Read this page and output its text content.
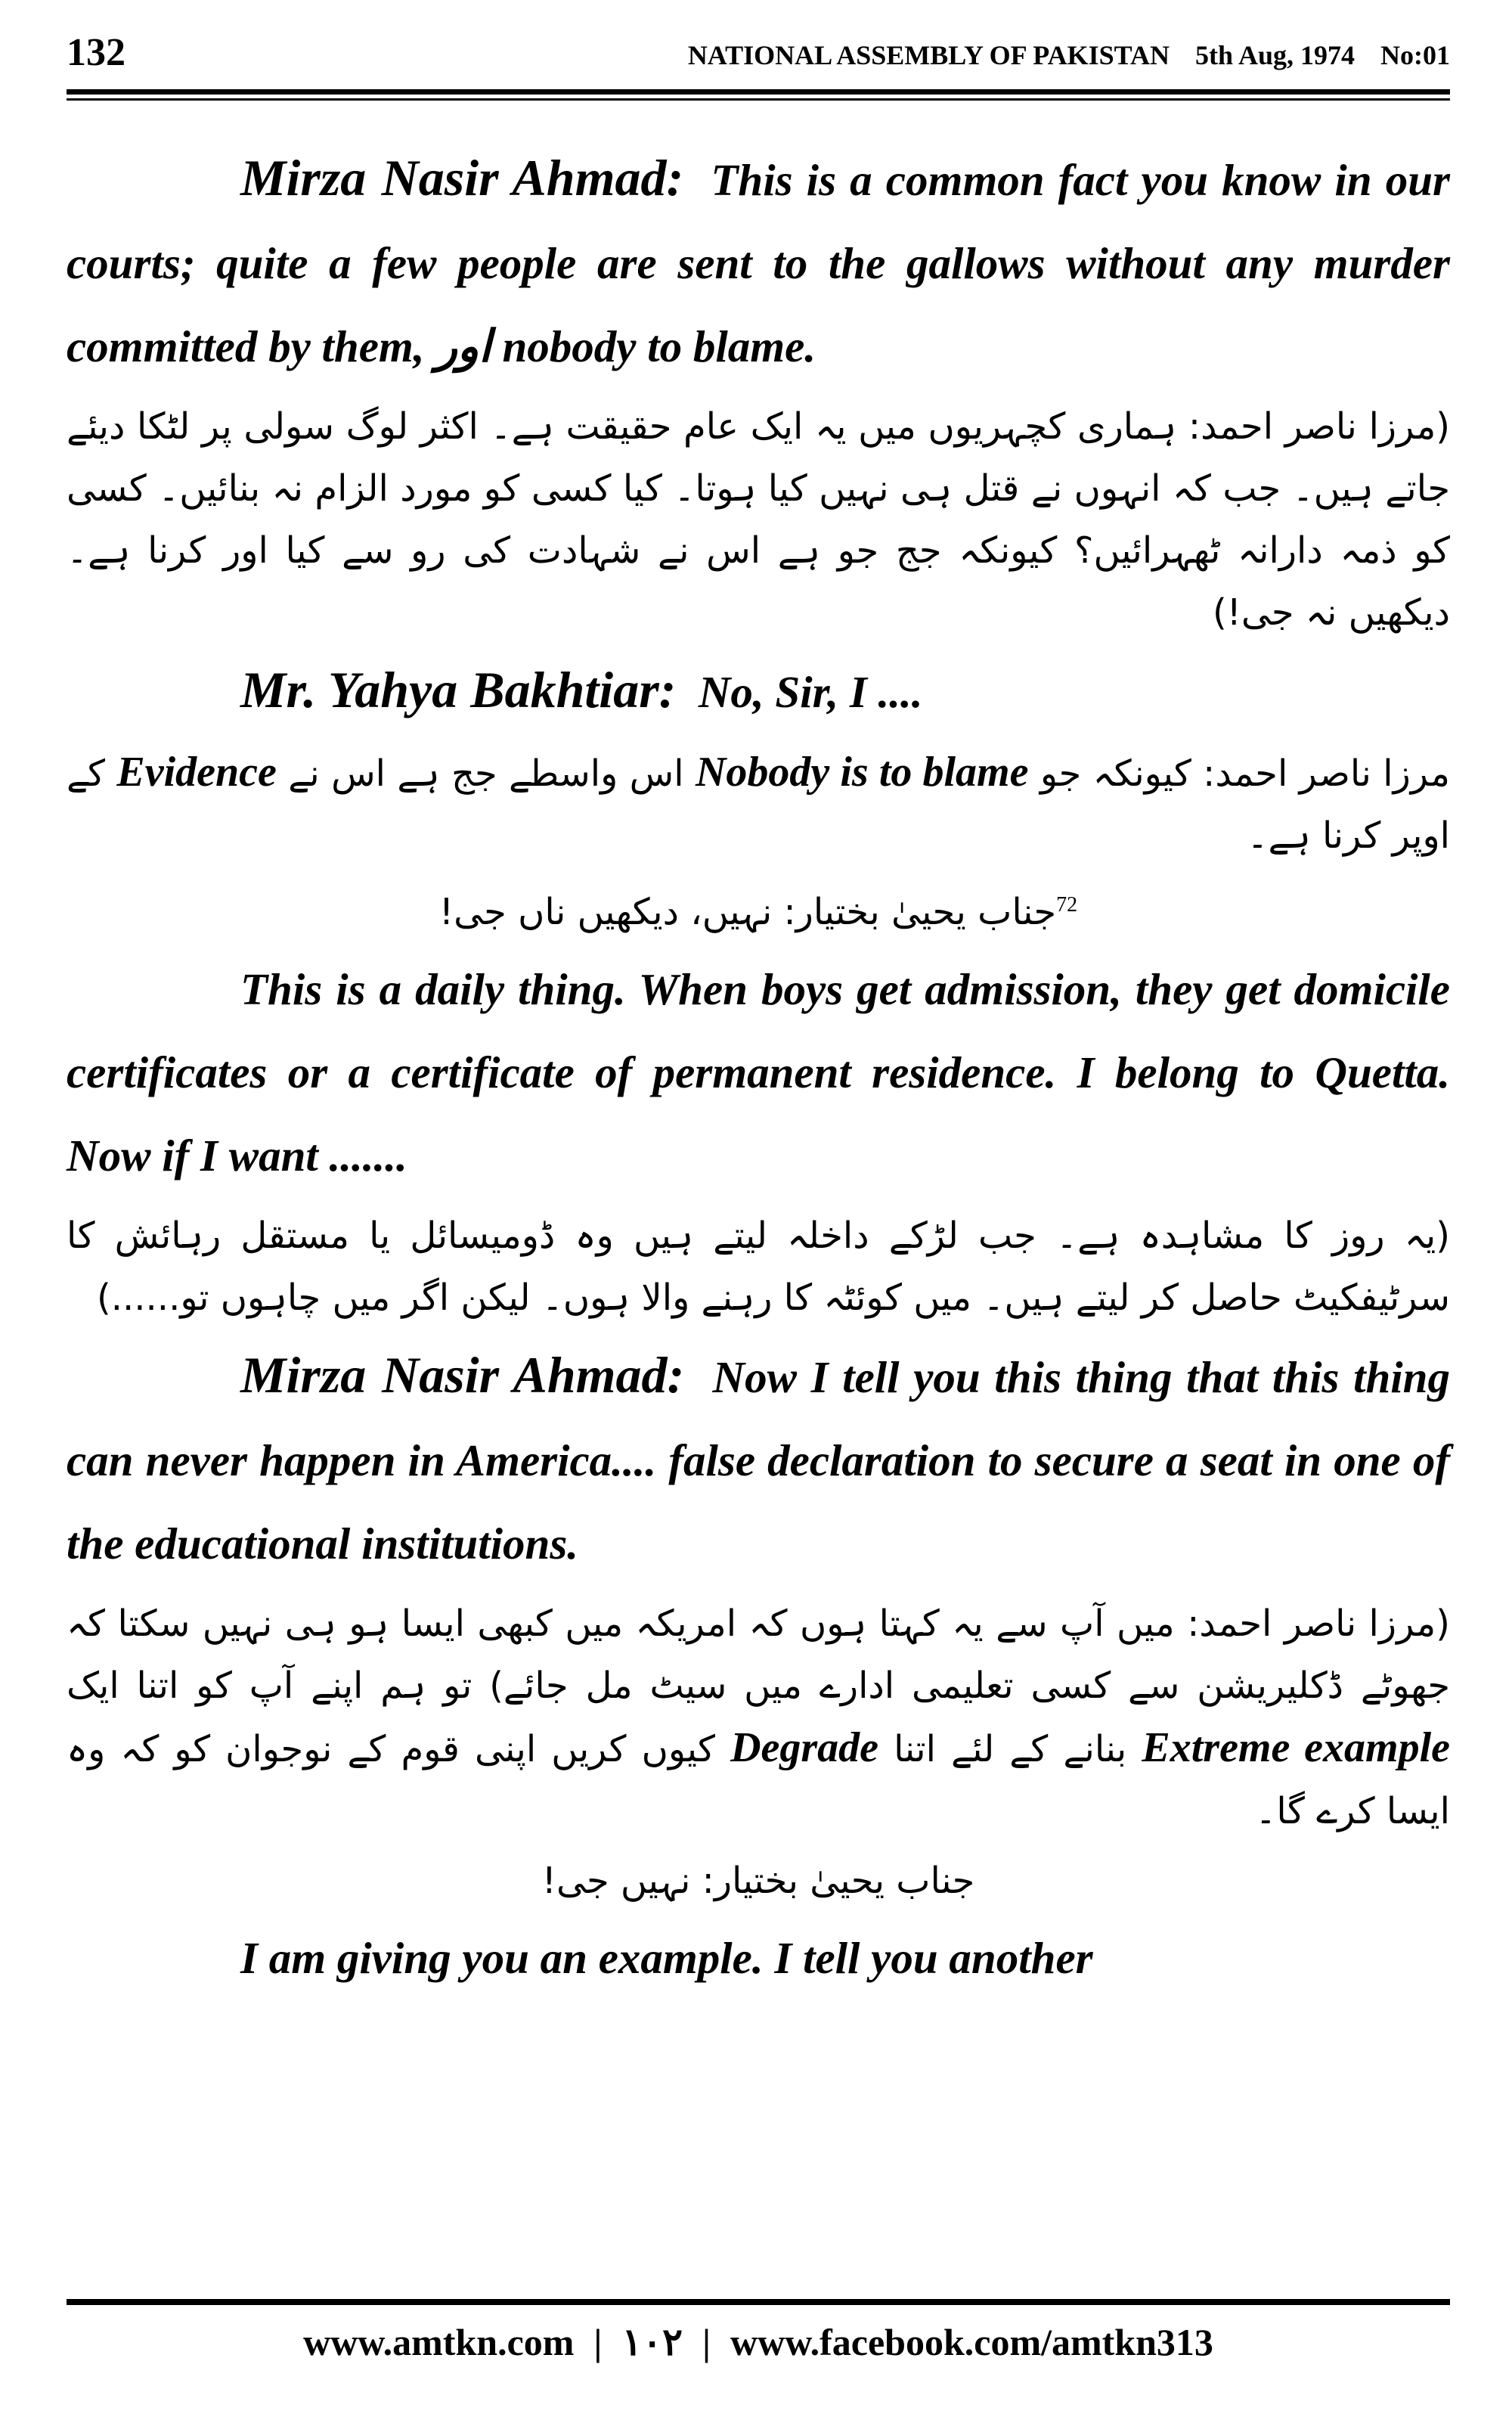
132	NATIONAL ASSEMBLY OF PAKISTAN 5th Aug, 1974 No:01

Mirza Nasir Ahmad: This is a common fact you know in our courts; quite a few people are sent to the gallows without any murder committed by them, اور nobody to blame.

(مرزا ناصر احمد: ہماری کچہریوں میں یہ ایک عام حقیقت ہے۔ اکثر لوگ سولی پر لٹکا دیئے جاتے ہیں۔ جب کہ انہوں نے قتل ہی نہیں کیا ہوتا۔ کیا کسی کو مورد الزام نہ بنائیں۔ کسی کو ذمہ دارانہ ٹھہرائیں؟ کیونکہ جج جو ہے اس نے شہادت کی رو سے کیا اور کرنا ہے۔ دیکھیں نہ جی!)

Mr. Yahya Bakhtiar: No, Sir, I ....

مرزا ناصر احمد: کیونکہ جو Nobody is to blame اس واسطے جج ہے اس نے Evidence کے اوپر کرنا ہے۔

$^{72}$جناب یحییٰ بختیار: نہیں، دیکھیں ناں جی!

This is a daily thing. When boys get admission, they get domicile certificates or a certificate of permanent residence. I belong to Quetta. Now if I want .......

(یہ روز کا مشاہدہ ہے۔ جب لڑکے داخلہ لیتے ہیں وہ ڈومیسائل یا مستقل رہائش کا سرٹیفکیٹ حاصل کر لیتے ہیں۔ میں کوئٹہ کا رہنے والا ہوں۔ لیکن اگر میں چاہوں تو......)

Mirza Nasir Ahmad: Now I tell you this thing that this thing can never happen in America.... false declaration to secure a seat in one of the educational institutions.

(مرزا ناصر احمد: میں آپ سے یہ کہتا ہوں کہ امریکہ میں کبھی ایسا ہو ہی نہیں سکتا کہ جھوٹے ڈکلیریشن سے کسی تعلیمی ادارے میں سیٹ مل جائے) تو ہم اپنے آپ کو اتنا ایک Extreme example بنانے کے لئے اتنا Degrade کیوں کریں اپنی قوم کے نوجوان کو کہ وہ ایسا کرے گا۔

جناب یحییٰ بختیار: نہیں جی!

I am giving you an example. I tell you another

www.amtkn.com | ۱۰۲ | www.facebook.com/amtkn313
